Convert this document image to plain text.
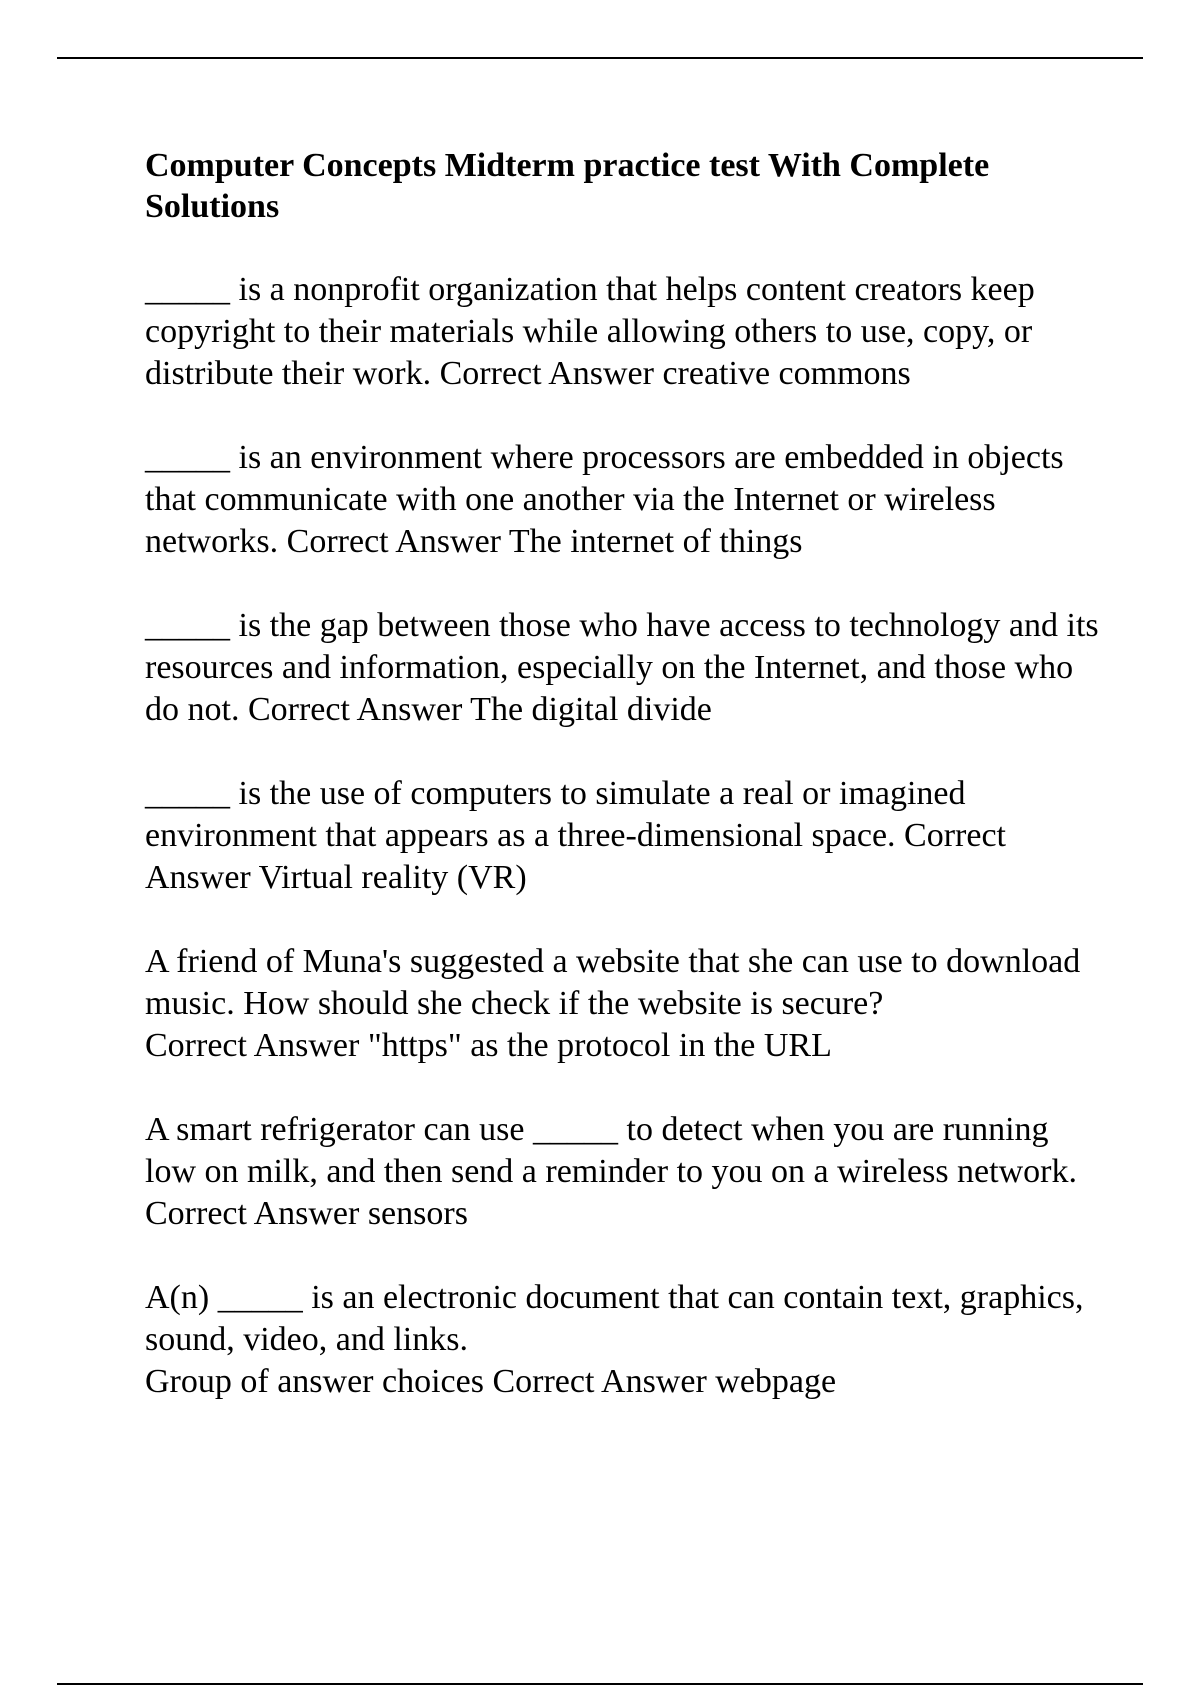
Computer Concepts Midterm practice test With Complete Solutions
_____ is a nonprofit organization that helps content creators keep copyright to their materials while allowing others to use, copy, or distribute their work. Correct Answer creative commons
_____ is an environment where processors are embedded in objects that communicate with one another via the Internet or wireless networks. Correct Answer The internet of things
_____ is the gap between those who have access to technology and its resources and information, especially on the Internet, and those who do not. Correct Answer The digital divide
_____ is the use of computers to simulate a real or imagined environment that appears as a three-dimensional space. Correct Answer Virtual reality (VR)
A friend of Muna's suggested a website that she can use to download music. How should she check if the website is secure?
Correct Answer "https" as the protocol in the URL
A smart refrigerator can use _____ to detect when you are running low on milk, and then send a reminder to you on a wireless network. Correct Answer sensors
A(n) _____ is an electronic document that can contain text, graphics, sound, video, and links.
Group of answer choices Correct Answer webpage
